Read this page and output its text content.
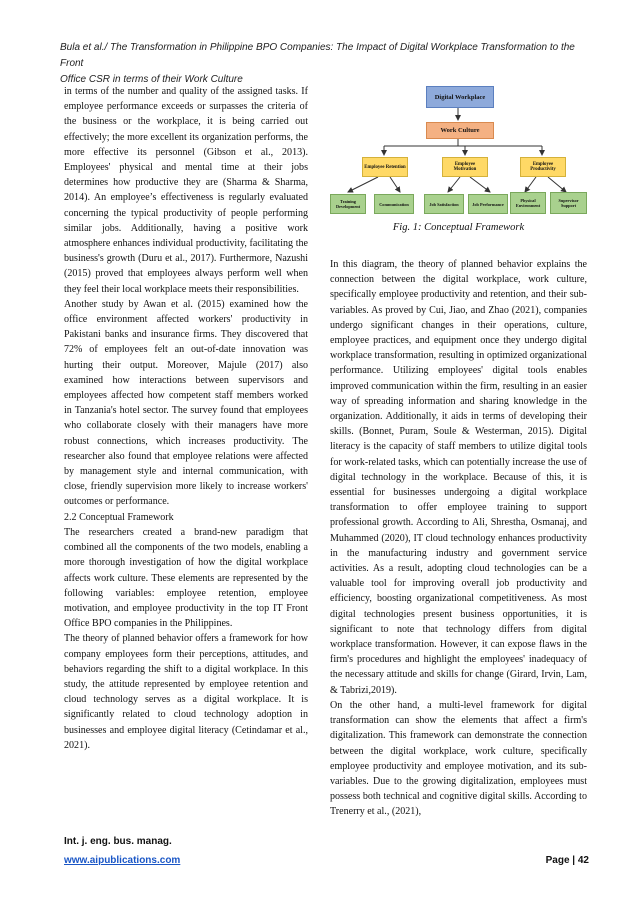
Bula et al./ The Transformation in Philippine BPO Companies: The Impact of Digital Workplace Transformation to the Front
Office CSR in terms of their Work Culture

in terms of the number and quality of the assigned tasks. If employee performance exceeds or surpasses the criteria of the business or the workplace, it is being carried out effectively; the more excellent its organization performs, the more effective its personnel (Gibson et al., 2013). Employees' physical and mental time at their jobs determines how productive they are (Sharma & Sharma, 2014). An employee’s effectiveness is regularly evaluated concerning the typical productivity of people performing similar jobs. Additionally, having a positive work atmosphere enhances individual productivity, facilitating the business's growth (Duru et al., 2017). Furthermore, Nazushi (2015) proved that employees always perform well when they feel their local workplace meets their responsibilities.

Another study by Awan et al. (2015) examined how the office environment affected workers' productivity in Pakistani banks and insurance firms. They discovered that 72% of employees felt an out-of-date innovation was hurting their output. Moreover, Majule (2017) also examined how interactions between supervisors and employees affected how competent staff members worked in Tanzania's hotel sector. The survey found that employees who collaborate closely with their managers have more robust connections, which increases productivity. The researcher also found that employee relations were affected by management style and internal communication, with close, friendly supervision more likely to increase workers' outcomes or performance.

2.2 Conceptual Framework

The researchers created a brand-new paradigm that combined all the components of the two models, enabling a more thorough investigation of how the digital workplace affects work culture. These elements are represented by the following variables: employee retention, employee motivation, and employee productivity in the top IT Front Office BPO companies in the Philippines.

The theory of planned behavior offers a framework for how company employees form their perceptions, attitudes, and behaviors regarding the shift to a digital workplace. In this study, the attitude represented by employee retention and cloud technology serves as a digital workplace. It is significantly related to cloud technology adoption in businesses and employee digital literacy (Cetindamar et al., 2021).

Digital Workplace
Work Culture
Employee Retention	Employee Motivation
Employee Productivity
Training Development	Communication	Job Satisfaction	Job Performance
Physical Environment
Supervisor Support
Fig. 1: Conceptual Framework

In this diagram, the theory of planned behavior explains the connection between the digital workplace, work culture, specifically employee productivity and retention, and their sub-variables. As proved by Cui, Jiao, and Zhao (2021), companies undergo significant changes in their operations, culture, employee practices, and equipment once they undergo digital workplace transformation, resulting in optimized organizational performance. Utilizing employees' digital tools enables improved communication within the firm, resulting in an easier way of spreading information and sharing knowledge in the organization. Additionally, it aids in terms of developing their skills. (Bonnet, Puram, Soule & Westerman, 2015). Digital literacy is the capacity of staff members to utilize digital tools for work-related tasks, which can potentially increase the use of digital technology in the workplace. Because of this, it is essential for businesses undergoing a digital workplace transformation to offer employee training to support professional growth. According to Ali, Shrestha, Osmanaj, and Muhammed (2020), IT cloud technology enhances productivity in the manufacturing industry and government service activities. As a result, adopting cloud technologies can be a valuable tool for improving overall job productivity and efficiency, boosting organizational competitiveness. As most digital technologies present business opportunities, it is significant to note that technology differs from digital workplace transformation. However, it can expose flaws in the firm's procedures and highlight the employees' inadequacy of the necessary attitude and skills for change (Girard, Irvin, Lam, & Tabrizi,2019).

On the other hand, a multi-level framework for digital transformation can show the elements that affect a firm's digitalization. This framework can demonstrate the connection between the digital workplace, work culture, specifically employee productivity and employee motivation, and its sub-variables. Due to the growing digitalization, employees must possess both technical and cognitive digital skills. According to Trenerry et al., (2021),

Int. j. eng. bus. manag.
www.aipublications.com	Page | 42
